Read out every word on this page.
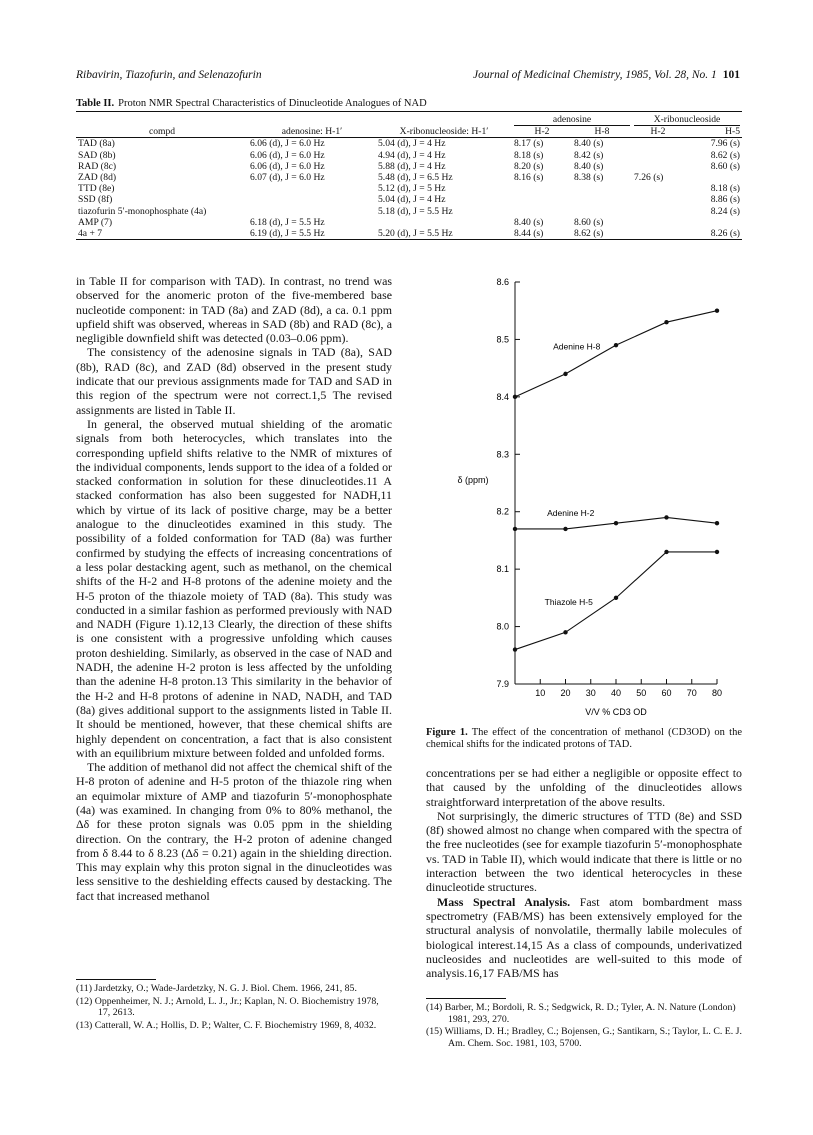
Ribavirin, Tiazofurin, and Selenazofurin	Journal of Medicinal Chemistry, 1985, Vol. 28, No. 1 101
Table II. Proton NMR Spectral Characteristics of Dinucleotide Analogues of NAD

			adenosine		X-ribonucleoside	

compd	adenosine: H-1′	X-ribonucleoside: H-1′	H-2	H-8	H-2	H-5
TAD (8a)	6.06 (d), J = 6.0 Hz	5.04 (d), J = 4 Hz	8.17 (s)	8.40 (s)		7.96 (s)
SAD (8b)	6.06 (d), J = 6.0 Hz	4.94 (d), J = 4 Hz	8.18 (s)	8.42 (s)		8.62 (s)
RAD (8c)	6.06 (d), J = 6.0 Hz	5.88 (d), J = 4 Hz	8.20 (s)	8.40 (s)		8.60 (s)
ZAD (8d)	6.07 (d), J = 6.0 Hz	5.48 (d), J = 6.5 Hz	8.16 (s)	8.38 (s)	7.26 (s)	
TTD (8e)		5.12 (d), J = 5 Hz				8.18 (s)
SSD (8f)		5.04 (d), J = 4 Hz				8.86 (s)
tiazofurin 5′-monophosphate (4a)		5.18 (d), J = 5.5 Hz				8.24 (s)
AMP (7)	6.18 (d), J = 5.5 Hz		8.40 (s)	8.60 (s)		
4a + 7	6.19 (d), J = 5.5 Hz	5.20 (d), J = 5.5 Hz	8.44 (s)	8.62 (s)		8.26 (s)

in Table II for comparison with TAD). In contrast, no trend was observed for the anomeric proton of the five-membered base nucleotide component: in TAD (8a) and ZAD (8d), a ca. 0.1 ppm upfield shift was observed, whereas in SAD (8b) and RAD (8c), a negligible downfield shift was detected (0.03–0.06 ppm).

The consistency of the adenosine signals in TAD (8a), SAD (8b), RAD (8c), and ZAD (8d) observed in the present study indicate that our previous assignments made for TAD and SAD in this region of the spectrum were not correct.1,5 The revised assignments are listed in Table II.

In general, the observed mutual shielding of the aromatic signals from both heterocycles, which translates into the corresponding upfield shifts relative to the NMR of mixtures of the individual components, lends support to the idea of a folded or stacked conformation in solution for these dinucleotides.11 A stacked conformation has also been suggested for NADH,11 which by virtue of its lack of positive charge, may be a better analogue to the dinucleotides examined in this study. The possibility of a folded conformation for TAD (8a) was further confirmed by studying the effects of increasing concentrations of a less polar destacking agent, such as methanol, on the chemical shifts of the H-2 and H-8 protons of the adenine moiety and the H-5 proton of the thiazole moiety of TAD (8a). This study was conducted in a similar fashion as performed previously with NAD and NADH (Figure 1).12,13 Clearly, the direction of these shifts is one consistent with a progressive unfolding which causes proton deshielding. Similarly, as observed in the case of NAD and NADH, the adenine H-2 proton is less affected by the unfolding than the adenine H-8 proton.13 This similarity in the behavior of the H-2 and H-8 protons of adenine in NAD, NADH, and TAD (8a) gives additional support to the assignments listed in Table II. It should be mentioned, however, that these chemical shifts are highly dependent on concentration, a fact that is also consistent with an equilibrium mixture between folded and unfolded forms.

The addition of methanol did not affect the chemical shift of the H-8 proton of adenine and H-5 proton of the thiazole ring when an equimolar mixture of AMP and tiazofurin 5′-monophosphate (4a) was examined. In changing from 0% to 80% methanol, the Δδ for these proton signals was 0.05 ppm in the shielding direction. On the contrary, the H-2 proton of adenine changed from δ 8.44 to δ 8.23 (Δδ = 0.21) again in the shielding direction. This may explain why this proton signal in the dinucleotides was less sensitive to the deshielding effects caused by destacking. The fact that increased methanol

(11) Jardetzky, O.; Wade-Jardetzky, N. G. J. Biol. Chem. 1966, 241, 85.

(12) Oppenheimer, N. J.; Arnold, L. J., Jr.; Kaplan, N. O. Biochemistry 1978, 17, 2613.

(13) Catterall, W. A.; Hollis, D. P.; Walter, C. F. Biochemistry 1969, 8, 4032.

7.9
8.0
8.1
8.2
8.3
8.4
8.5
8.6
10 20 30 40 50 60 70 80
δ (ppm)
V/V % CD3 OD
Adenine H-8
Adenine H-2
Thiazole H-5
Figure 1. The effect of the concentration of methanol (CD3OD) on the chemical shifts for the indicated protons of TAD.

concentrations per se had either a negligible or opposite effect to that caused by the unfolding of the dinucleotides allows straightforward interpretation of the above results.

Not surprisingly, the dimeric structures of TTD (8e) and SSD (8f) showed almost no change when compared with the spectra of the free nucleotides (see for example tiazofurin 5′-monophosphate vs. TAD in Table II), which would indicate that there is little or no interaction between the two identical heterocycles in these dinucleotide structures.

Mass Spectral Analysis. Fast atom bombardment mass spectrometry (FAB/MS) has been extensively employed for the structural analysis of nonvolatile, thermally labile molecules of biological interest.14,15 As a class of compounds, underivatized nucleosides and nucleotides are well-suited to this mode of analysis.16,17 FAB/MS has

(14) Barber, M.; Bordoli, R. S.; Sedgwick, R. D.; Tyler, A. N. Nature (London) 1981, 293, 270.

(15) Williams, D. H.; Bradley, C.; Bojensen, G.; Santikarn, S.; Taylor, L. C. E. J. Am. Chem. Soc. 1981, 103, 5700.
